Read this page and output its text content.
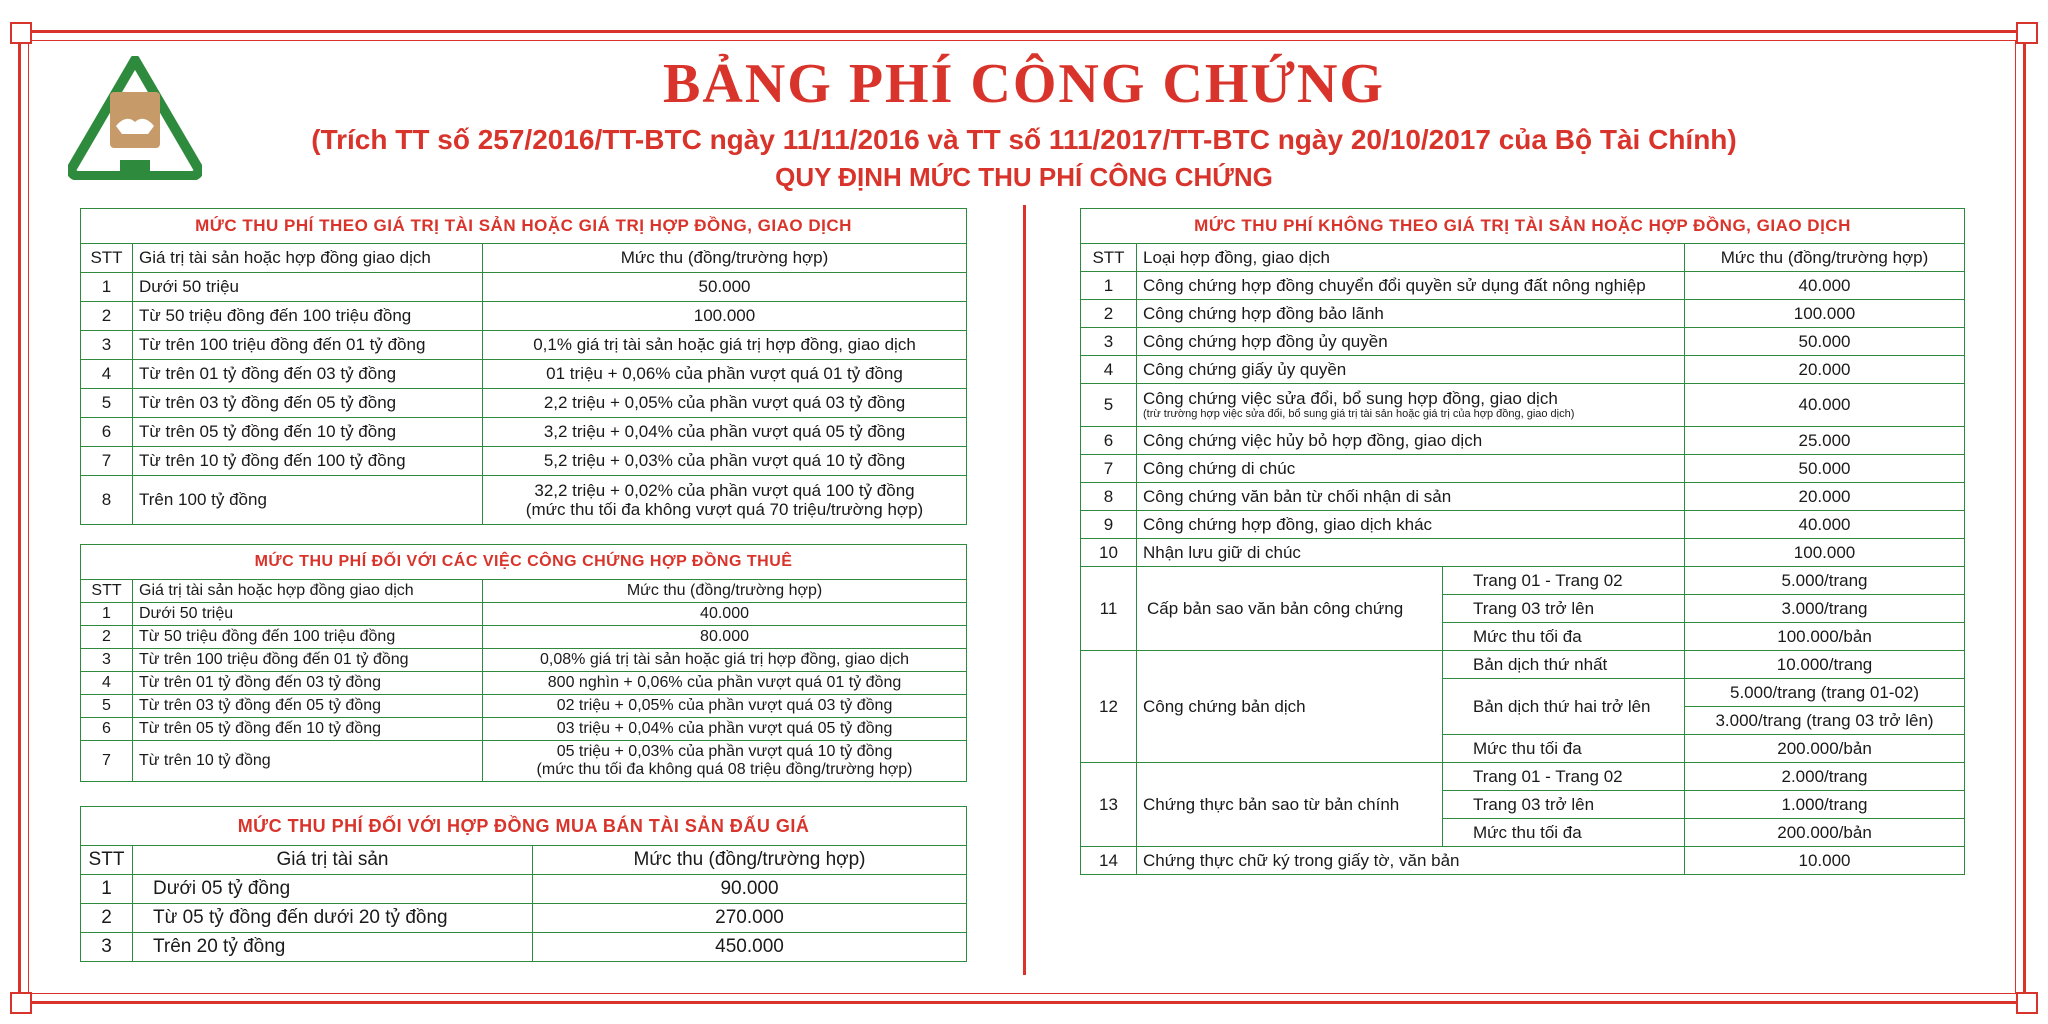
BẢNG PHÍ CÔNG CHỨNG
(Trích TT số 257/2016/TT-BTC ngày 11/11/2016 và TT số 111/2017/TT-BTC ngày 20/10/2017 của Bộ Tài Chính)
QUY ĐỊNH MỨC THU PHÍ CÔNG CHỨNG
MỨC THU PHÍ THEO GIÁ TRỊ TÀI SẢN HOẶC GIÁ TRỊ HỢP ĐỒNG, GIAO DỊCH		
STT	Giá trị tài sản hoặc hợp đồng giao dịch	Mức thu (đồng/trường hợp)
1	Dưới 50 triệu	50.000
2	Từ 50 triệu đồng đến 100 triệu đồng	100.000
3	Từ trên 100 triệu đồng đến 01 tỷ đồng	0,1% giá trị tài sản hoặc giá trị hợp đồng, giao dịch
4	Từ trên 01 tỷ đồng đến 03 tỷ đồng	01 triệu + 0,06% của phần vượt quá 01 tỷ đồng
5	Từ trên 03 tỷ đồng đến 05 tỷ đồng	2,2 triệu + 0,05% của phần vượt quá 03 tỷ đồng
6	Từ trên 05 tỷ đồng đến 10 tỷ đồng	3,2 triệu + 0,04% của phần vượt quá 05 tỷ đồng
7	Từ trên 10 tỷ đồng đến 100 tỷ đồng	5,2 triệu + 0,03% của phần vượt quá 10 tỷ đồng
8	Trên 100 tỷ đồng	32,2 triệu + 0,02% của phần vượt quá 100 tỷ đồng
(mức thu tối đa không vượt quá 70 triệu/trường hợp)
MỨC THU PHÍ ĐỐI VỚI CÁC VIỆC CÔNG CHỨNG HỢP ĐỒNG THUÊ		
STT	Giá trị tài sản hoặc hợp đồng giao dịch	Mức thu (đồng/trường hợp)
1	Dưới 50 triệu	40.000
2	Từ 50 triệu đồng đến 100 triệu đồng	80.000
3	Từ trên 100 triệu đồng đến 01 tỷ đồng	0,08% giá trị tài sản hoặc giá trị hợp đồng, giao dịch
4	Từ trên 01 tỷ đồng đến 03 tỷ đồng	800 nghìn + 0,06% của phần vượt quá 01 tỷ đồng
5	Từ trên 03 tỷ đồng đến 05 tỷ đồng	02 triệu + 0,05% của phần vượt quá 03 tỷ đồng
6	Từ trên 05 tỷ đồng đến 10 tỷ đồng	03 triệu + 0,04% của phần vượt quá 05 tỷ đồng
7	Từ trên 10 tỷ đồng	05 triệu + 0,03% của phần vượt quá 10 tỷ đồng
(mức thu tối đa không quá 08 triệu đồng/trường hợp)
MỨC THU PHÍ ĐỐI VỚI HỢP ĐỒNG MUA BÁN TÀI SẢN ĐẤU GIÁ		
STT	Giá trị tài sản	Mức thu (đồng/trường hợp)
1	Dưới 05 tỷ đồng	90.000
2	Từ 05 tỷ đồng đến dưới 20 tỷ đồng	270.000
3	Trên 20 tỷ đồng	450.000
MỨC THU PHÍ KHÔNG THEO GIÁ TRỊ TÀI SẢN HOẶC HỢP ĐỒNG, GIAO DỊCH			
STT	Loại hợp đồng, giao dịch		Mức thu (đồng/trường hợp)
1	Công chứng hợp đồng chuyển đổi quyền sử dụng đất nông nghiệp		40.000
2	Công chứng hợp đồng bảo lãnh		100.000
3	Công chứng hợp đồng ủy quyền		50.000
4	Công chứng giấy ủy quyền		20.000
5	Công chứng việc sửa đổi, bổ sung hợp đồng, giao dịch
(trừ trường hợp việc sửa đổi, bổ sung giá trị tài sản hoặc giá trị của hợp đồng, giao dịch)		40.000
6	Công chứng việc hủy bỏ hợp đồng, giao dịch		25.000
7	Công chứng di chúc		50.000
8	Công chứng văn bản từ chối nhận di sản		20.000
9	Công chứng hợp đồng, giao dịch khác		40.000
10	Nhận lưu giữ di chúc		100.000
11	Cấp bản sao văn bản công chứng	Trang 01 - Trang 02	5.000/trang
		Trang 03 trở lên	3.000/trang
		Mức thu tối đa	100.000/bản
12	Công chứng bản dịch	Bản dịch thứ nhất	10.000/trang
		Bản dịch thứ hai trở lên	5.000/trang (trang 01-02)
			3.000/trang (trang 03 trở lên)
		Mức thu tối đa	200.000/bản
13	Chứng thực bản sao từ bản chính	Trang 01 - Trang 02	2.000/trang
		Trang 03 trở lên	1.000/trang
		Mức thu tối đa	200.000/bản
14	Chứng thực chữ ký trong giấy tờ, văn bản		10.000
